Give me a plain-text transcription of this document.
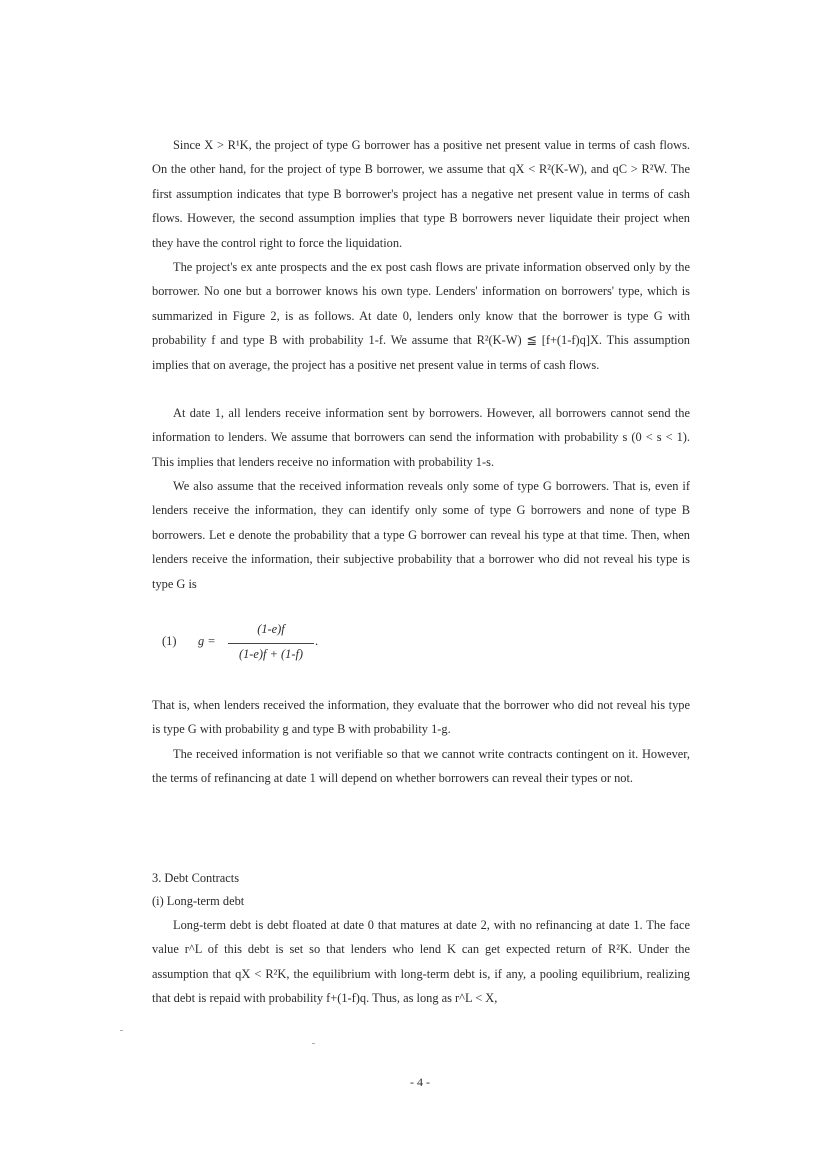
Since X > R¹K, the project of type G borrower has a positive net present value in terms of cash flows. On the other hand, for the project of type B borrower, we assume that qX < R²(K-W), and qC > R²W. The first assumption indicates that type B borrower's project has a negative net present value in terms of cash flows. However, the second assumption implies that type B borrowers never liquidate their project when they have the control right to force the liquidation.

The project's ex ante prospects and the ex post cash flows are private information observed only by the borrower. No one but a borrower knows his own type. Lenders' information on borrowers' type, which is summarized in Figure 2, is as follows. At date 0, lenders only know that the borrower is type G with probability f and type B with probability 1-f. We assume that R²(K-W) ≦ [f+(1-f)q]X. This assumption implies that on average, the project has a positive net present value in terms of cash flows.

At date 1, all lenders receive information sent by borrowers. However, all borrowers cannot send the information to lenders. We assume that borrowers can send the information with probability s (0 < s < 1). This implies that lenders receive no information with probability 1-s.

We also assume that the received information reveals only some of type G borrowers. That is, even if lenders receive the information, they can identify only some of type G borrowers and none of type B borrowers. Let e denote the probability that a type G borrower can reveal his type at that time. Then, when lenders receive the information, their subjective probability that a borrower who did not reveal his type is type G is

(1) g =
(1-e)f
(1-e)f + (1-f)
.

That is, when lenders received the information, they evaluate that the borrower who did not reveal his type is type G with probability g and type B with probability 1-g.

The received information is not verifiable so that we cannot write contracts contingent on it. However, the terms of refinancing at date 1 will depend on whether borrowers can reveal their types or not.

3. Debt Contracts

(i) Long-term debt

Long-term debt is debt floated at date 0 that matures at date 2, with no refinancing at date 1. The face value r^L of this debt is set so that lenders who lend K can get expected return of R²K. Under the assumption that qX < R²K, the equilibrium with long-term debt is, if any, a pooling equilibrium, realizing that debt is repaid with probability f+(1-f)q. Thus, as long as r^L < X,

- 4 -
